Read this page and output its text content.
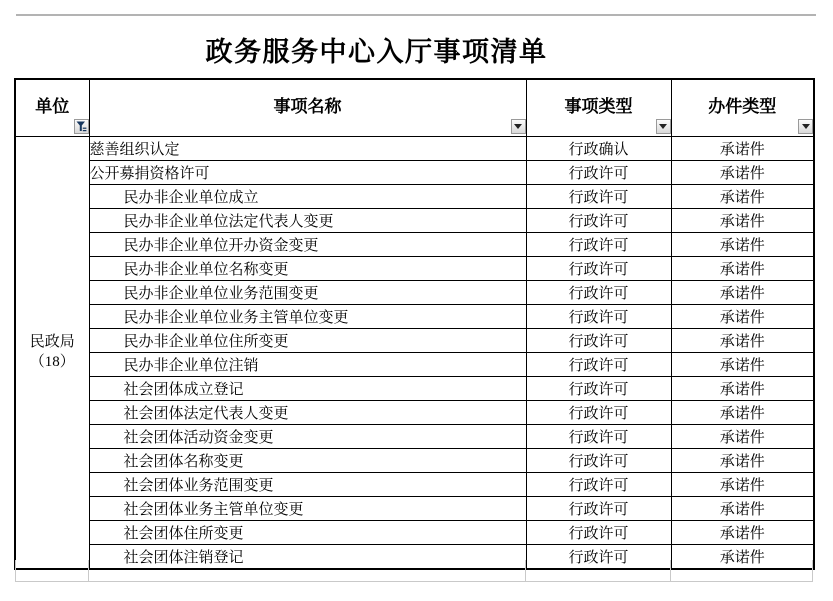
政务服务中心入厅事项清单
单位	事项名称	事项类型	办件类型

民政局
（18）	慈善组织认定	行政确认	承诺件
	公开募捐资格许可	行政许可	承诺件
	民办非企业单位成立	行政许可	承诺件
	民办非企业单位法定代表人变更	行政许可	承诺件
	民办非企业单位开办资金变更	行政许可	承诺件
	民办非企业单位名称变更	行政许可	承诺件
	民办非企业单位业务范围变更	行政许可	承诺件
	民办非企业单位业务主管单位变更	行政许可	承诺件
	民办非企业单位住所变更	行政许可	承诺件
	民办非企业单位注销	行政许可	承诺件
	社会团体成立登记	行政许可	承诺件
	社会团体法定代表人变更	行政许可	承诺件
	社会团体活动资金变更	行政许可	承诺件
	社会团体名称变更	行政许可	承诺件
	社会团体业务范围变更	行政许可	承诺件
	社会团体业务主管单位变更	行政许可	承诺件
	社会团体住所变更	行政许可	承诺件
	社会团体注销登记	行政许可	承诺件
